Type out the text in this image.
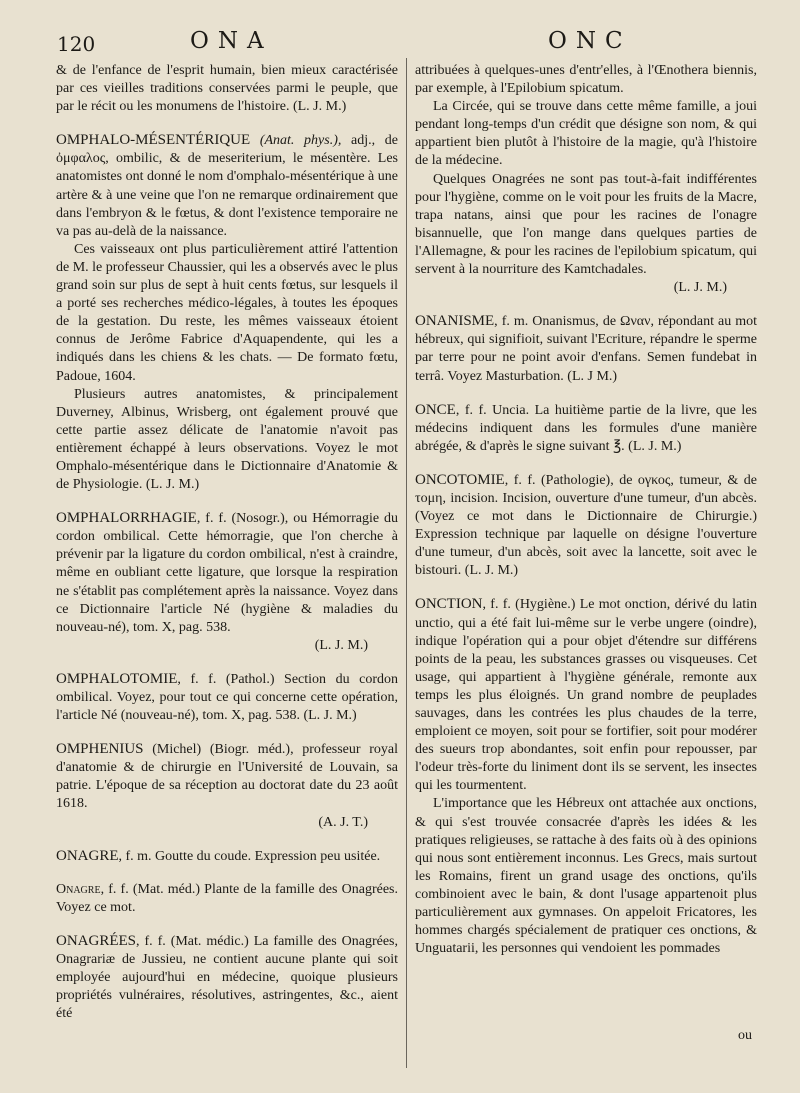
120	ONA	ONC

& de l'enfance de l'esprit humain, bien mieux caractérisée par ces vieilles traditions conservées parmi le peuple, que par le récit ou les monumens de l'histoire. (L. J. M.)

OMPHALO-MÉSENTÉRIQUE (Anat. phys.), adj., de ὀμφαλος, ombilic, & de meseriterium, le mésentère. Les anatomistes ont donné le nom d'omphalo-mésentérique à une artère & à une veine que l'on ne remarque ordinairement que dans l'embryon & le fœtus, & dont l'existence temporaire ne va pas au-delà de la naissance.

Ces vaisseaux ont plus particulièrement attiré l'attention de M. le professeur Chaussier, qui les a observés avec le plus grand soin sur plus de sept à huit cents fœtus, sur lesquels il a porté ses recherches médico-légales, à toutes les époques de la gestation. Du reste, les mêmes vaisseaux étoient connus de Jerôme Fabrice d'Aquapendente, qui les a indiqués dans les chiens & les chats. — De formato fœtu, Padoue, 1604.

Plusieurs autres anatomistes, & principalement Duverney, Albinus, Wrisberg, ont également prouvé que cette partie assez délicate de l'anatomie n'avoit pas entièrement échappé à leurs observations. Voyez le mot Omphalo-mésentérique dans le Dictionnaire d'Anatomie & de Physiologie. (L. J. M.)

OMPHALORRHAGIE, f. f. (Nosogr.), ou Hémorragie du cordon ombilical. Cette hémorragie, que l'on cherche à prévenir par la ligature du cordon ombilical, n'est à craindre, même en oubliant cette ligature, que lorsque la respiration ne s'établit pas complétement après la naissance. Voyez dans ce Dictionnaire l'article Né (hygiène & maladies du nouveau-né), tom. X, pag. 538.

(L. J. M.)

OMPHALOTOMIE, f. f. (Pathol.) Section du cordon ombilical. Voyez, pour tout ce qui concerne cette opération, l'article Né (nouveau-né), tom. X, pag. 538. (L. J. M.)

OMPHENIUS (Michel) (Biogr. méd.), professeur royal d'anatomie & de chirurgie en l'Université de Louvain, sa patrie. L'époque de sa réception au doctorat date du 23 août 1618.

(A. J. T.)

ONAGRE, f. m. Goutte du coude. Expression peu usitée.

Onagre, f. f. (Mat. méd.) Plante de la famille des Onagrées. Voyez ce mot.

ONAGRÉES, f. f. (Mat. médic.) La famille des Onagrées, Onagrariæ de Jussieu, ne contient aucune plante qui soit employée aujourd'hui en médecine, quoique plusieurs propriétés vulnéraires, résolutives, astringentes, &c., aient été

attribuées à quelques-unes d'entr'elles, à l'Œnothera biennis, par exemple, à l'Epilobium spicatum.

La Circée, qui se trouve dans cette même famille, a joui pendant long-temps d'un crédit que désigne son nom, & qui appartient bien plutôt à l'histoire de la magie, qu'à l'histoire de la médecine.

Quelques Onagrées ne sont pas tout-à-fait indifférentes pour l'hygiène, comme on le voit pour les fruits de la Macre, trapa natans, ainsi que pour les racines de l'onagre bisannuelle, que l'on mange dans quelques parties de l'Allemagne, & pour les racines de l'epilobium spicatum, qui servent à la nourriture des Kamtchadales.

(L. J. M.)

ONANISME, f. m. Onanismus, de Ωναν, répondant au mot hébreux, qui signifioit, suivant l'Ecriture, répandre le sperme par terre pour ne point avoir d'enfans. Semen fundebat in terrâ. Voyez Masturbation. (L. J M.)

ONCE, f. f. Uncia. La huitième partie de la livre, que les médecins indiquent dans les formules d'une manière abrégée, & d'après le signe suivant ℥. (L. J. M.)

ONCOTOMIE, f. f. (Pathologie), de ογκος, tumeur, & de τομη, incision. Incision, ouverture d'une tumeur, d'un abcès. (Voyez ce mot dans le Dictionnaire de Chirurgie.) Expression technique par laquelle on désigne l'ouverture d'une tumeur, d'un abcès, soit avec la lancette, soit avec le bistouri. (L. J. M.)

ONCTION, f. f. (Hygiène.) Le mot onction, dérivé du latin unctio, qui a été fait lui-même sur le verbe ungere (oindre), indique l'opération qui a pour objet d'étendre sur différens points de la peau, les substances grasses ou visqueuses. Cet usage, qui appartient à l'hygiène générale, remonte aux temps les plus éloignés. Un grand nombre de peuplades sauvages, dans les contrées les plus chaudes de la terre, emploient ce moyen, soit pour se fortifier, soit pour modérer des sueurs trop abondantes, soit enfin pour repousser, par l'odeur très-forte du liniment dont ils se servent, les insectes qui les tourmentent.

L'importance que les Hébreux ont attachée aux onctions, & qui s'est trouvée consacrée d'après les idées & les pratiques religieuses, se rattache à des faits où à des opinions qui nous sont entièrement inconnus. Les Grecs, mais surtout les Romains, firent un grand usage des onctions, qu'ils combinoient avec le bain, & dont l'usage appartenoit plus particulièrement aux gymnases. On appeloit Fricatores, les hommes chargés spécialement de pratiquer ces onctions, & Unguatarii, les personnes qui vendoient les pommades

ou
